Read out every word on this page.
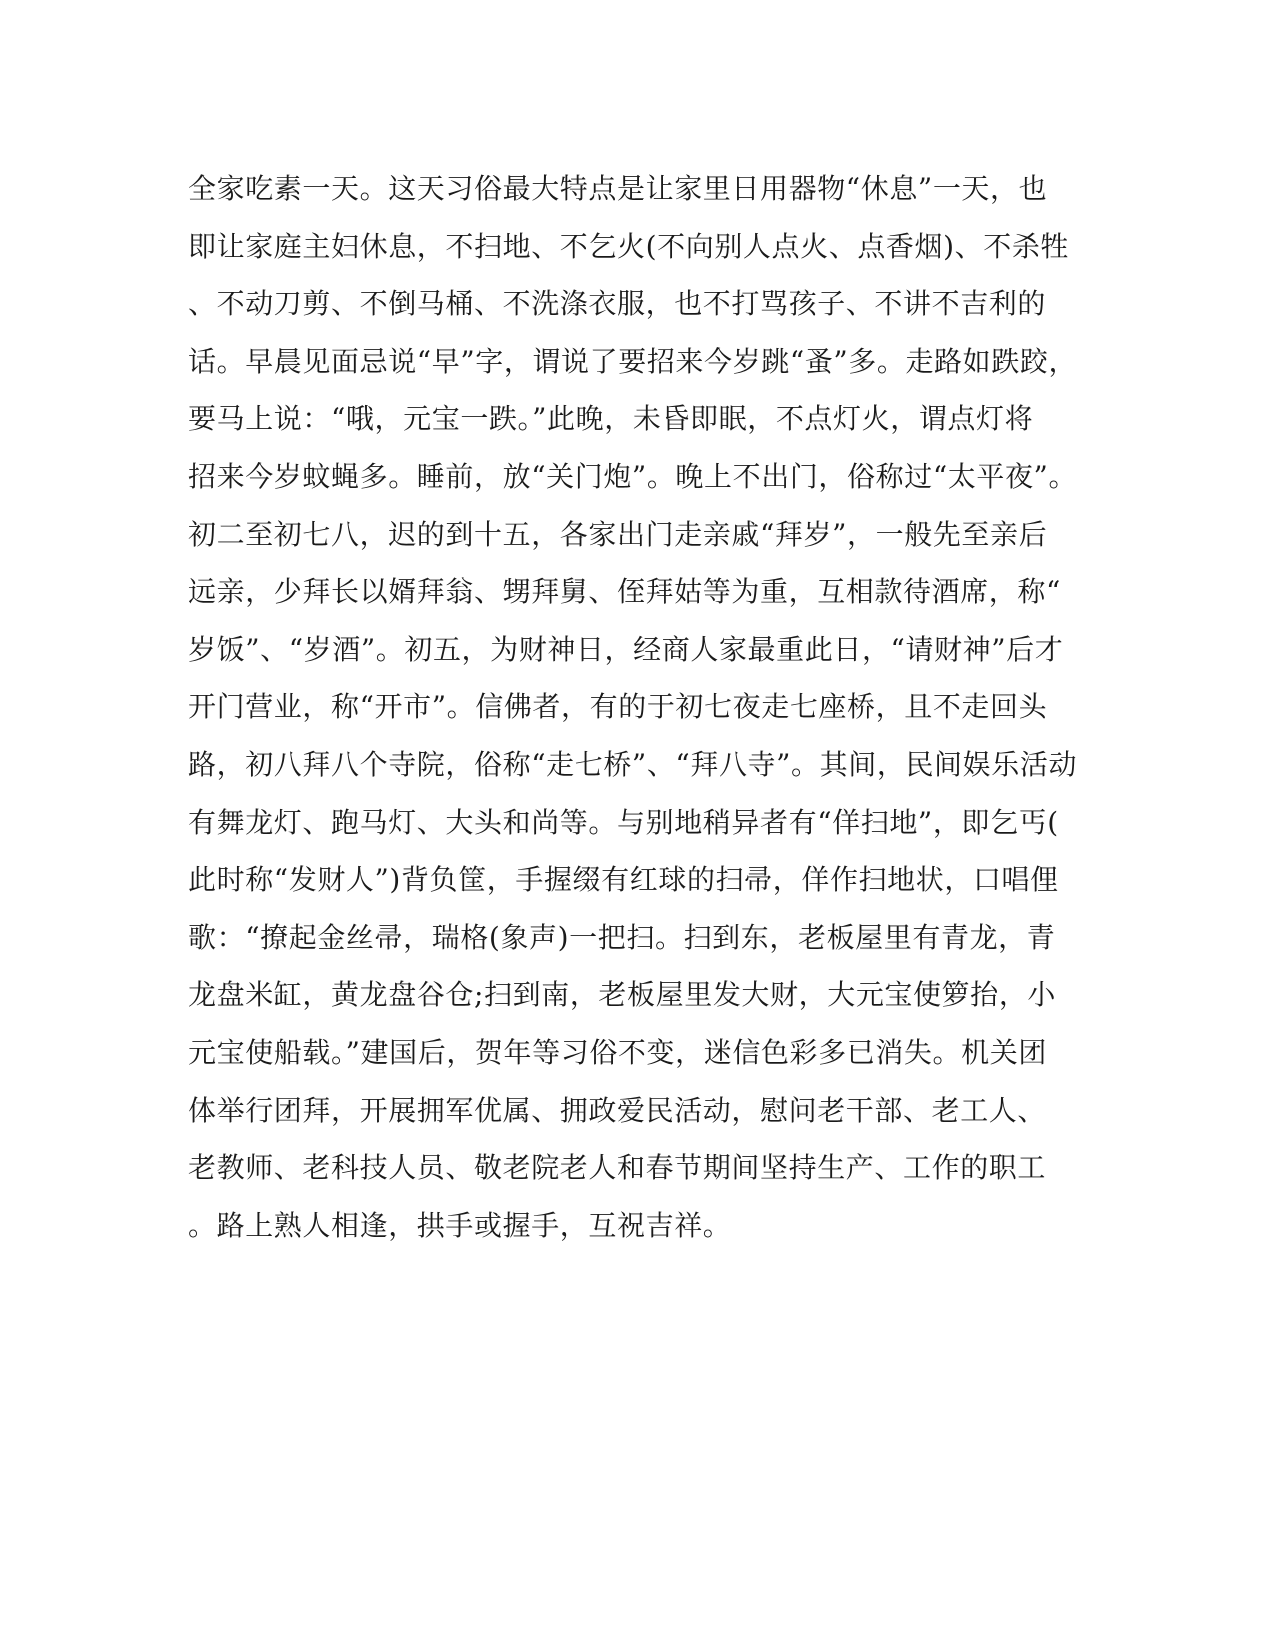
全家吃素一天。这天习俗最大特点是让家里日用器物“休息”一天，也
即让家庭主妇休息，不扫地、不乞火(不向别人点火、点香烟)、不杀牲
、不动刀剪、不倒马桶、不洗涤衣服，也不打骂孩子、不讲不吉利的
话。早晨见面忌说“早”字，谓说了要招来今岁跳“蚤”多。走路如跌跤，
要马上说：“哦，元宝一跌。”此晚，未昏即眠，不点灯火，谓点灯将
招来今岁蚊蝇多。睡前，放“关门炮”。晚上不出门，俗称过“太平夜”。
初二至初七八，迟的到十五，各家出门走亲戚“拜岁”，一般先至亲后
远亲，少拜长以婿拜翁、甥拜舅、侄拜姑等为重，互相款待酒席，称“
岁饭”、“岁酒”。初五，为财神日，经商人家最重此日，“请财神”后才
开门营业，称“开市”。信佛者，有的于初七夜走七座桥，且不走回头
路，初八拜八个寺院，俗称“走七桥”、“拜八寺”。其间，民间娱乐活动
有舞龙灯、跑马灯、大头和尚等。与别地稍异者有“佯扫地”，即乞丐(
此时称“发财人”)背负筐，手握缀有红球的扫帚，佯作扫地状，口唱俚
歌：“撩起金丝帚，瑞格(象声)一把扫。扫到东，老板屋里有青龙，青
龙盘米缸，黄龙盘谷仓;扫到南，老板屋里发大财，大元宝使箩抬，小
元宝使船载。”建国后，贺年等习俗不变，迷信色彩多已消失。机关团
体举行团拜，开展拥军优属、拥政爱民活动，慰问老干部、老工人、
老教师、老科技人员、敬老院老人和春节期间坚持生产、工作的职工
。路上熟人相逢，拱手或握手，互祝吉祥。
